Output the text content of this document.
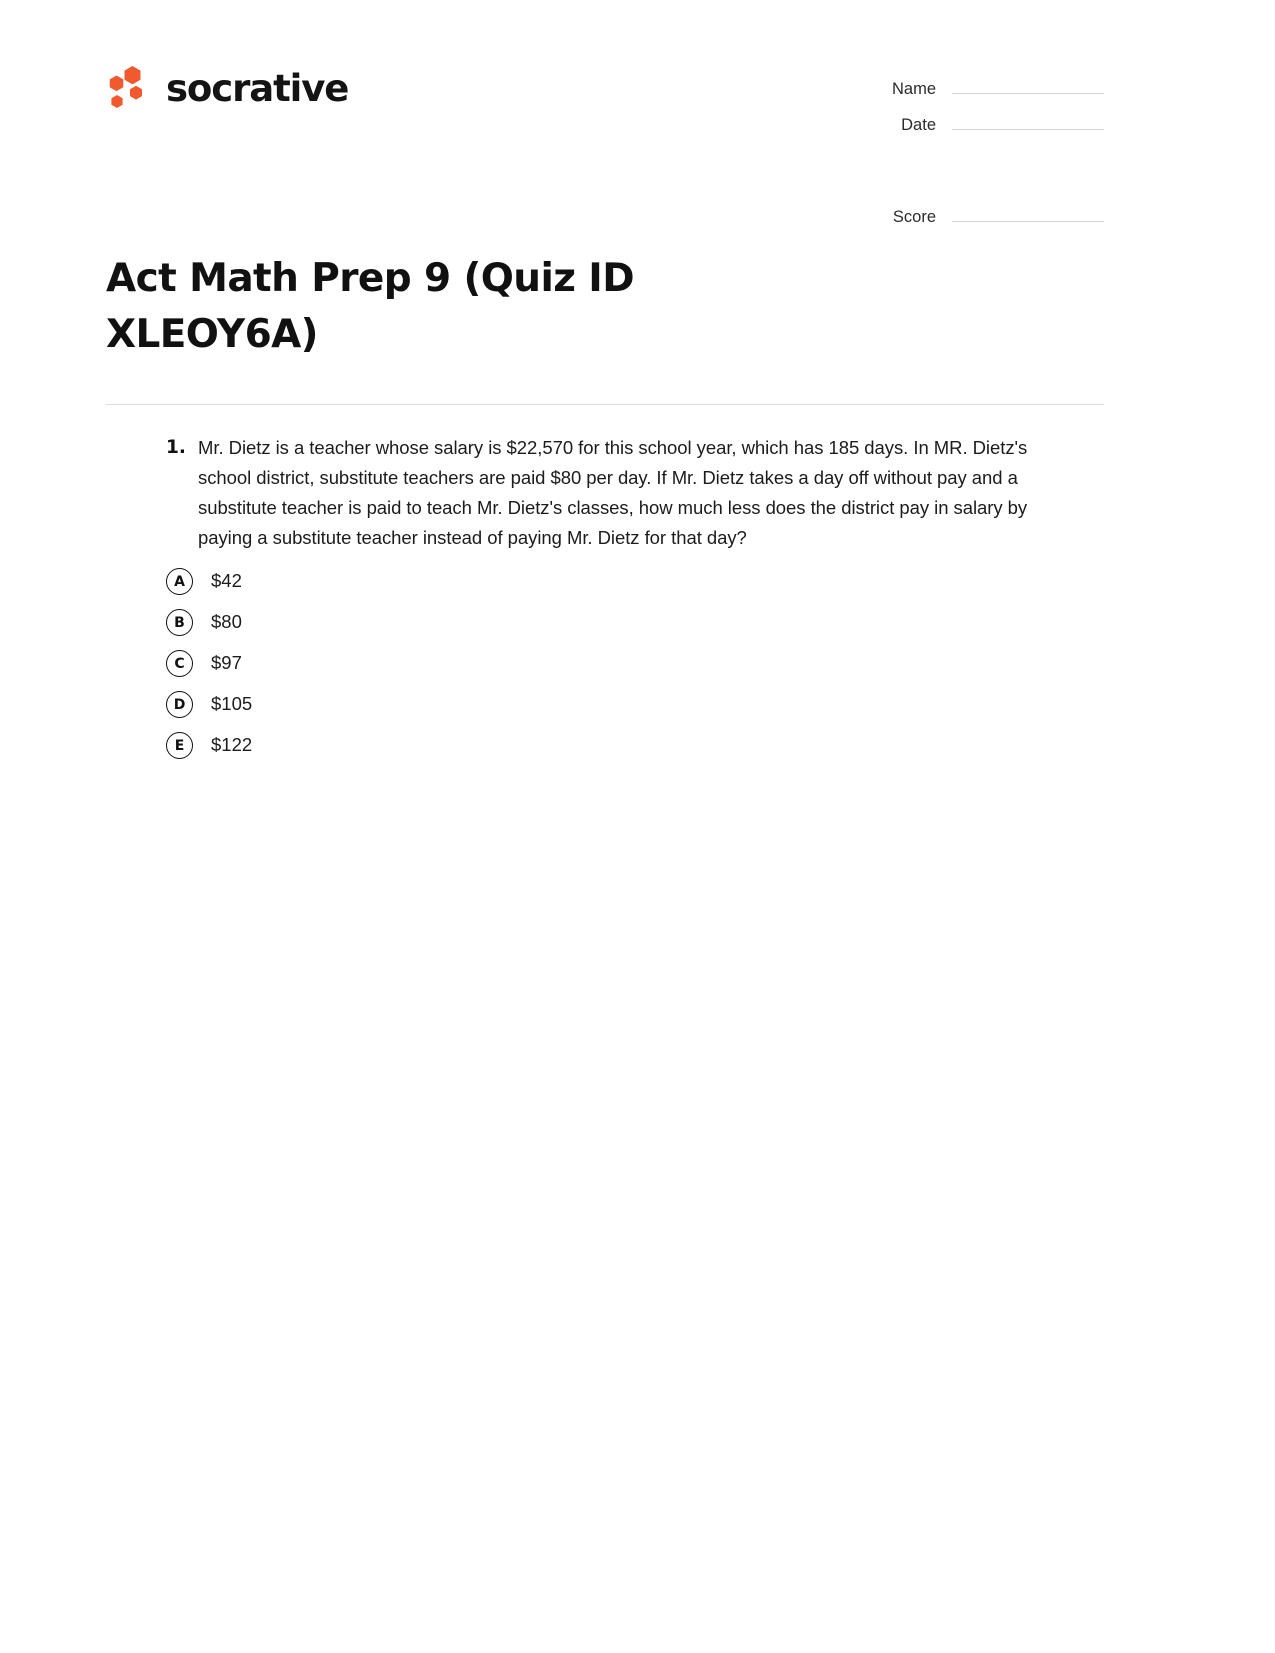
socrative	Name
Date
Score
Act Math Prep 9 (Quiz ID XLEOY6A)
1. Mr. Dietz is a teacher whose salary is $22,570 for this school year, which has 185 days. In MR. Dietz's school district, substitute teachers are paid $80 per day. If Mr. Dietz takes a day off without pay and a substitute teacher is paid to teach Mr. Dietz's classes, how much less does the district pay in salary by paying a substitute teacher instead of paying Mr. Dietz for that day?
A	$42
B	$80
C	$97
D	$105
E	$122
